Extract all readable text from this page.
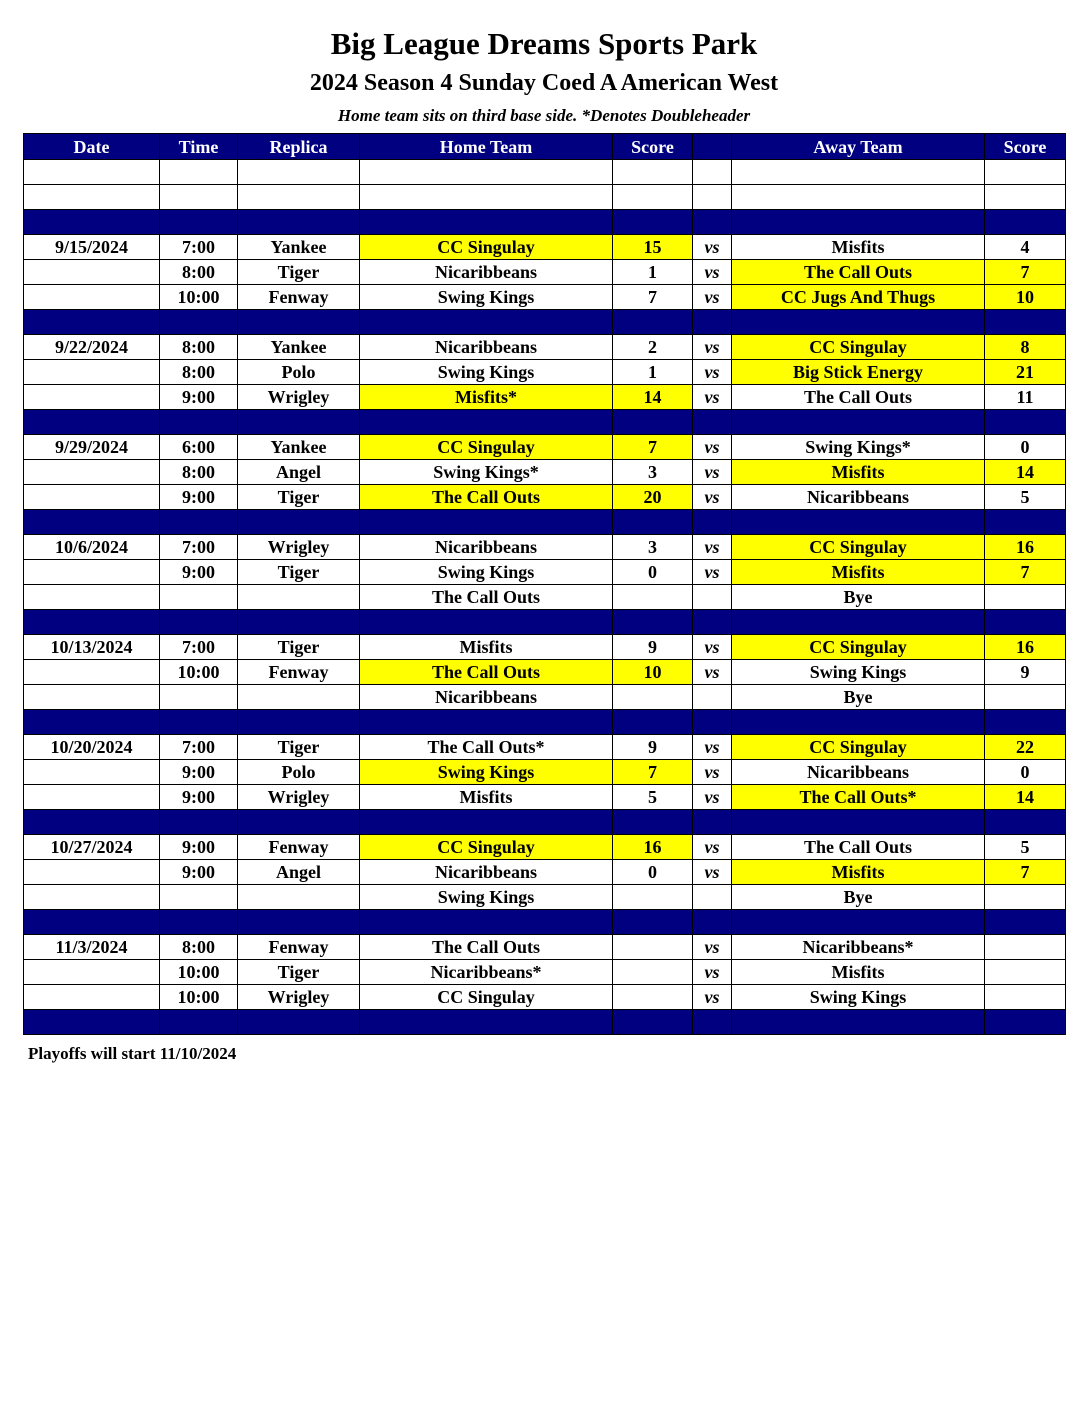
Big League Dreams Sports Park
2024 Season 4 Sunday Coed A American West
Home team sits on third base side. *Denotes Doubleheader
Date	Time	Replica	Home Team	Score		Away Team	Score

9/15/2024	7:00	Yankee	CC Singulay	15	vs	Misfits	4
	8:00	Tiger	Nicaribbeans	1	vs	The Call Outs	7
	10:00	Fenway	Swing Kings	7	vs	CC Jugs And Thugs	10

9/22/2024	8:00	Yankee	Nicaribbeans	2	vs	CC Singulay	8
	8:00	Polo	Swing Kings	1	vs	Big Stick Energy	21
	9:00	Wrigley	Misfits*	14	vs	The Call Outs	11

9/29/2024	6:00	Yankee	CC Singulay	7	vs	Swing Kings*	0
	8:00	Angel	Swing Kings*	3	vs	Misfits	14
	9:00	Tiger	The Call Outs	20	vs	Nicaribbeans	5

10/6/2024	7:00	Wrigley	Nicaribbeans	3	vs	CC Singulay	16
	9:00	Tiger	Swing Kings	0	vs	Misfits	7
			The Call Outs			Bye	

10/13/2024	7:00	Tiger	Misfits	9	vs	CC Singulay	16
	10:00	Fenway	The Call Outs	10	vs	Swing Kings	9
			Nicaribbeans			Bye	

10/20/2024	7:00	Tiger	The Call Outs*	9	vs	CC Singulay	22
	9:00	Polo	Swing Kings	7	vs	Nicaribbeans	0
	9:00	Wrigley	Misfits	5	vs	The Call Outs*	14

10/27/2024	9:00	Fenway	CC Singulay	16	vs	The Call Outs	5
	9:00	Angel	Nicaribbeans	0	vs	Misfits	7
			Swing Kings			Bye	

11/3/2024	8:00	Fenway	The Call Outs		vs	Nicaribbeans*	
	10:00	Tiger	Nicaribbeans*		vs	Misfits	
	10:00	Wrigley	CC Singulay		vs	Swing Kings	

Playoffs will start 11/10/2024
